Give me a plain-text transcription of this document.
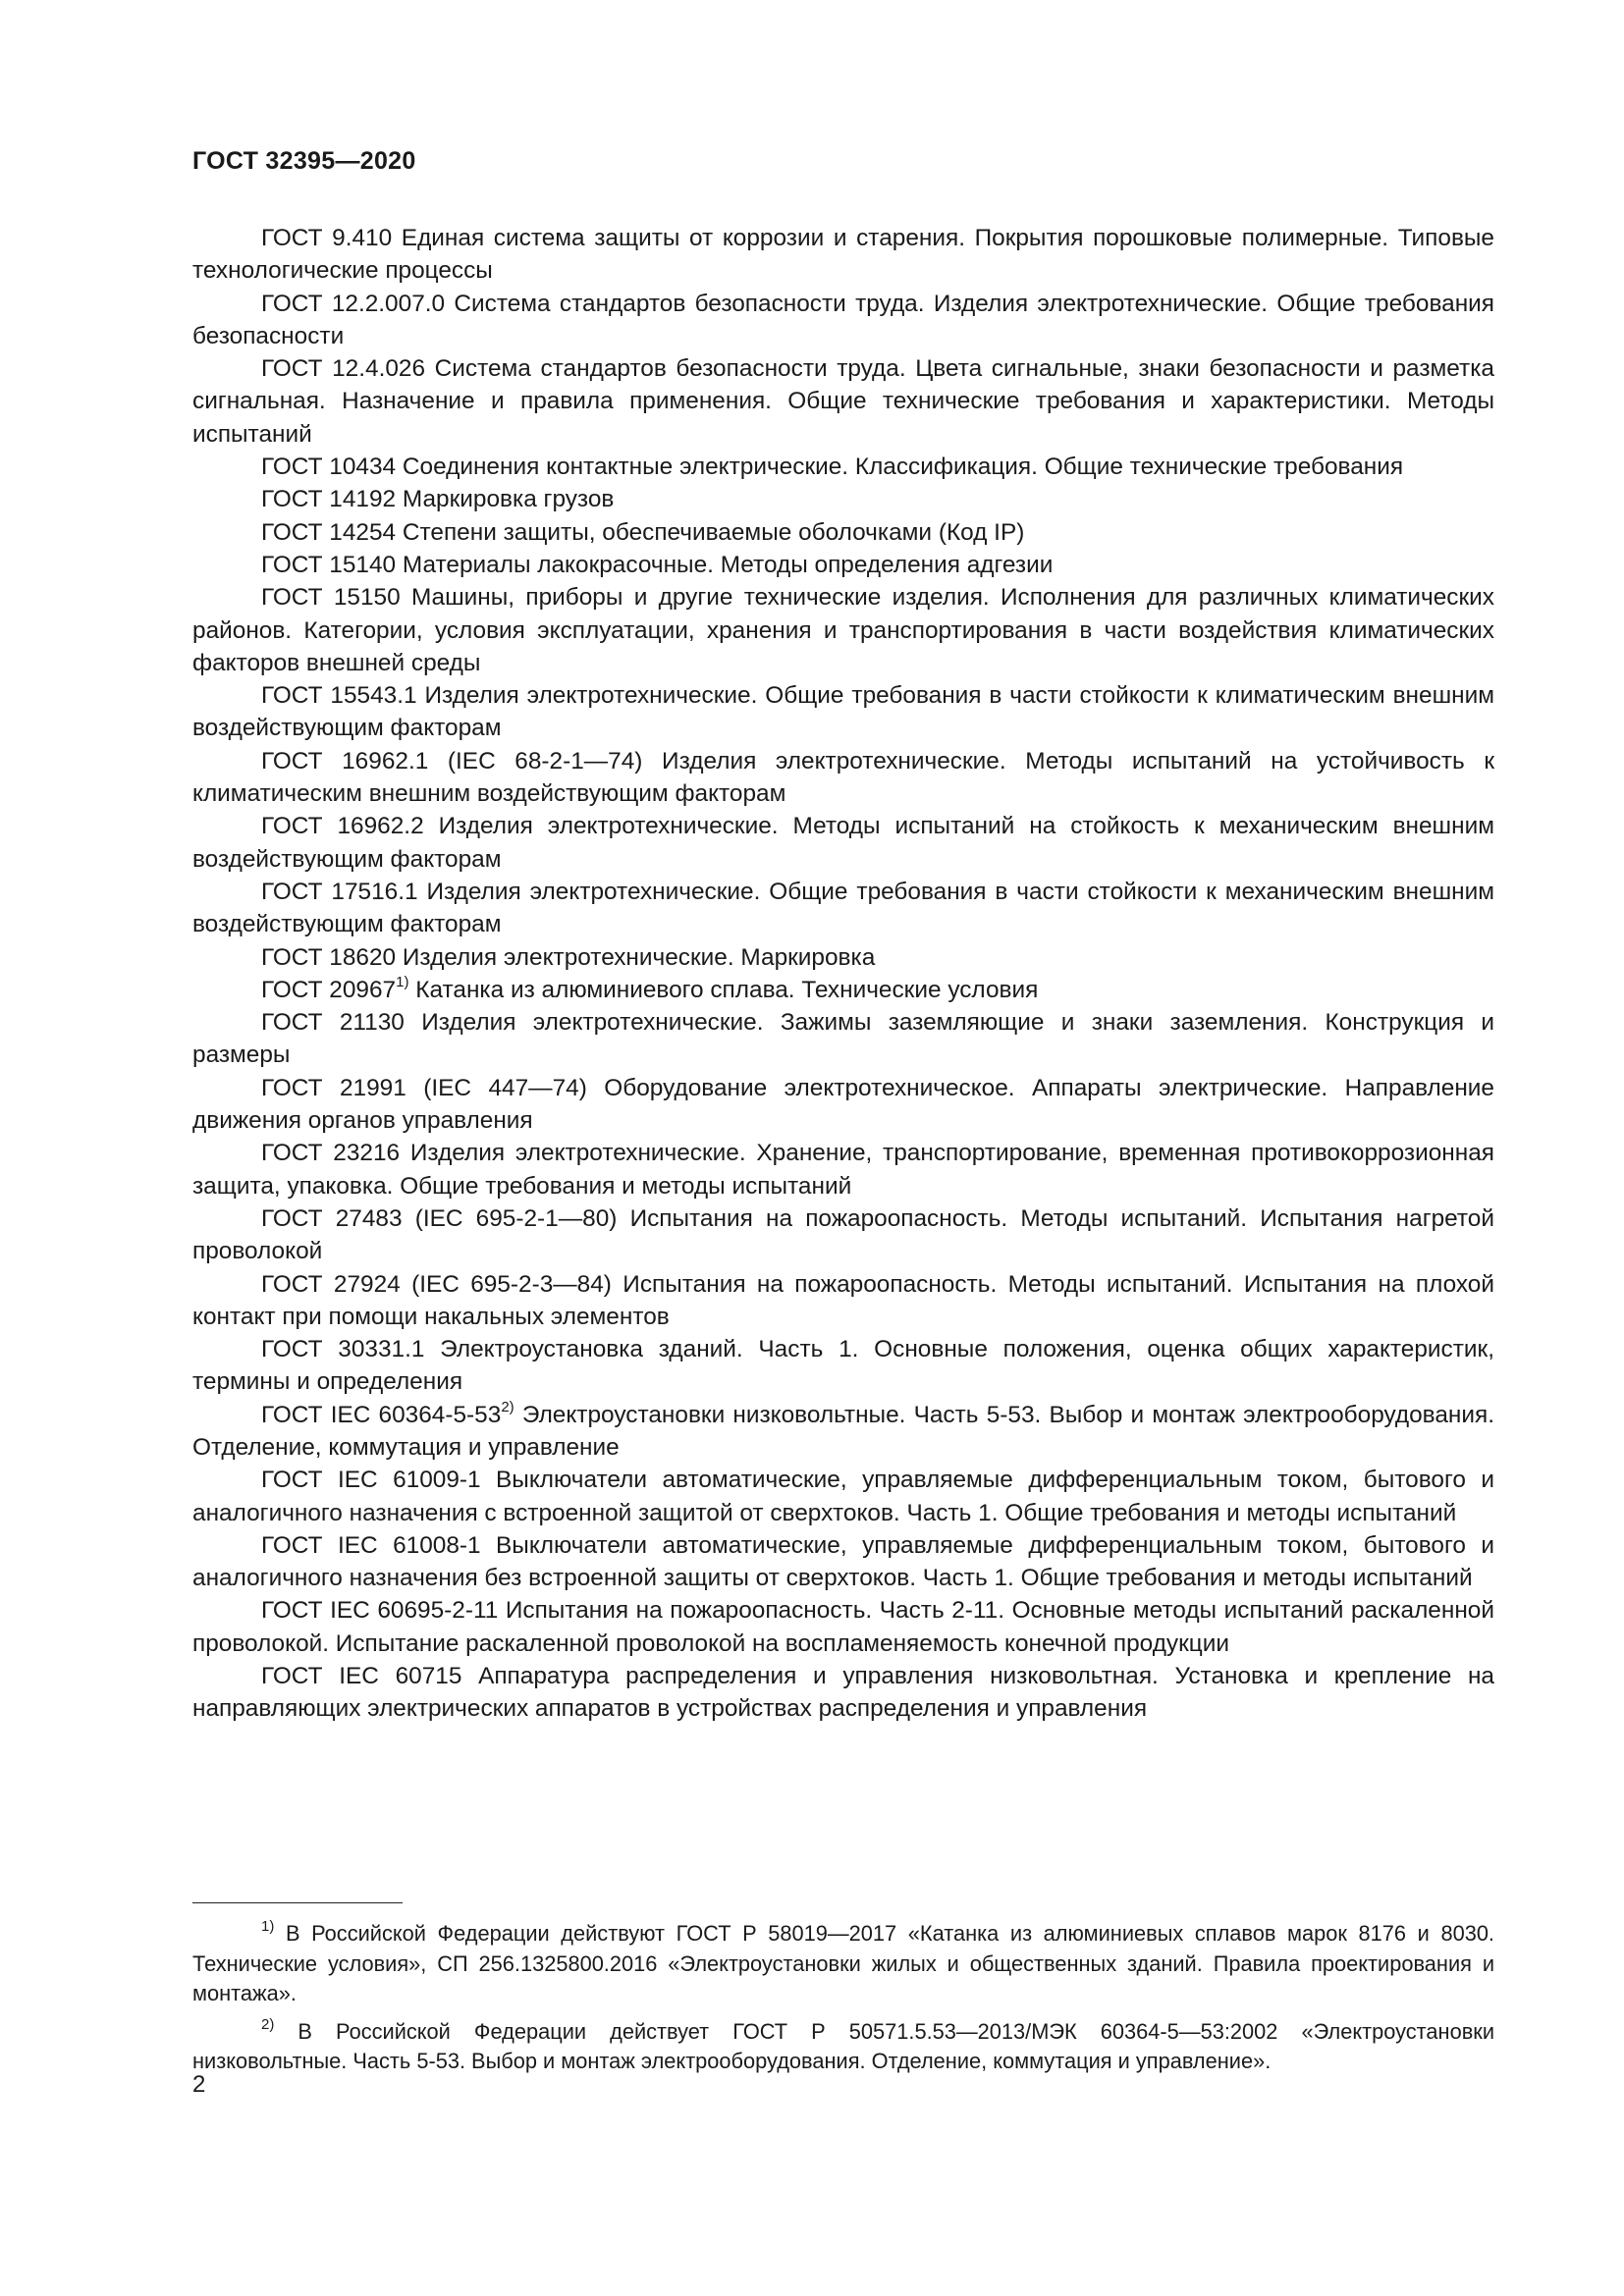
ГОСТ 32395—2020

ГОСТ 9.410 Единая система защиты от коррозии и старения. Покрытия порошковые полимерные. Типовые технологические процессы

ГОСТ 12.2.007.0 Система стандартов безопасности труда. Изделия электротехнические. Общие требования безопасности

ГОСТ 12.4.026 Система стандартов безопасности труда. Цвета сигнальные, знаки безопасности и разметка сигнальная. Назначение и правила применения. Общие технические требования и характеристики. Методы испытаний

ГОСТ 10434 Соединения контактные электрические. Классификация. Общие технические требования

ГОСТ 14192 Маркировка грузов

ГОСТ 14254 Степени защиты, обеспечиваемые оболочками (Код IP)

ГОСТ 15140 Материалы лакокрасочные. Методы определения адгезии

ГОСТ 15150 Машины, приборы и другие технические изделия. Исполнения для различных климатических районов. Категории, условия эксплуатации, хранения и транспортирования в части воздействия климатических факторов внешней среды

ГОСТ 15543.1 Изделия электротехнические. Общие требования в части стойкости к климатическим внешним воздействующим факторам

ГОСТ 16962.1 (IEC 68-2-1—74) Изделия электротехнические. Методы испытаний на устойчивость к климатическим внешним воздействующим факторам

ГОСТ 16962.2 Изделия электротехнические. Методы испытаний на стойкость к механическим внешним воздействующим факторам

ГОСТ 17516.1 Изделия электротехнические. Общие требования в части стойкости к механическим внешним воздействующим факторам

ГОСТ 18620 Изделия электротехнические. Маркировка

ГОСТ 20967$^{1)}$ Катанка из алюминиевого сплава. Технические условия

ГОСТ 21130 Изделия электротехнические. Зажимы заземляющие и знаки заземления. Конструкция и размеры

ГОСТ 21991 (IEC 447—74) Оборудование электротехническое. Аппараты электрические. Направление движения органов управления

ГОСТ 23216 Изделия электротехнические. Хранение, транспортирование, временная противокоррозионная защита, упаковка. Общие требования и методы испытаний

ГОСТ 27483 (IEC 695-2-1—80) Испытания на пожароопасность. Методы испытаний. Испытания нагретой проволокой

ГОСТ 27924 (IEC 695-2-3—84) Испытания на пожароопасность. Методы испытаний. Испытания на плохой контакт при помощи накальных элементов

ГОСТ 30331.1 Электроустановка зданий. Часть 1. Основные положения, оценка общих характеристик, термины и определения

ГОСТ IEC 60364-5-53$^{2)}$ Электроустановки низковольтные. Часть 5-53. Выбор и монтаж электрооборудования. Отделение, коммутация и управление

ГОСТ IEC 61009-1 Выключатели автоматические, управляемые дифференциальным током, бытового и аналогичного назначения с встроенной защитой от сверхтоков. Часть 1. Общие требования и методы испытаний

ГОСТ IEC 61008-1 Выключатели автоматические, управляемые дифференциальным током, бытового и аналогичного назначения без встроенной защиты от сверхтоков. Часть 1. Общие требования и методы испытаний

ГОСТ IEC 60695-2-11 Испытания на пожароопасность. Часть 2-11. Основные методы испытаний раскаленной проволокой. Испытание раскаленной проволокой на воспламеняемость конечной продукции

ГОСТ IEC 60715 Аппаратура распределения и управления низковольтная. Установка и крепление на направляющих электрических аппаратов в устройствах распределения и управления

$^{1)}$ В Российской Федерации действуют ГОСТ Р 58019—2017 «Катанка из алюминиевых сплавов марок 8176 и 8030. Технические условия», СП 256.1325800.2016 «Электроустановки жилых и общественных зданий. Правила проектирования и монтажа».

$^{2)}$ В Российской Федерации действует ГОСТ Р 50571.5.53—2013/МЭК 60364-5—53:2002 «Электроустановки низковольтные. Часть 5-53. Выбор и монтаж электрооборудования. Отделение, коммутация и управление».

2
